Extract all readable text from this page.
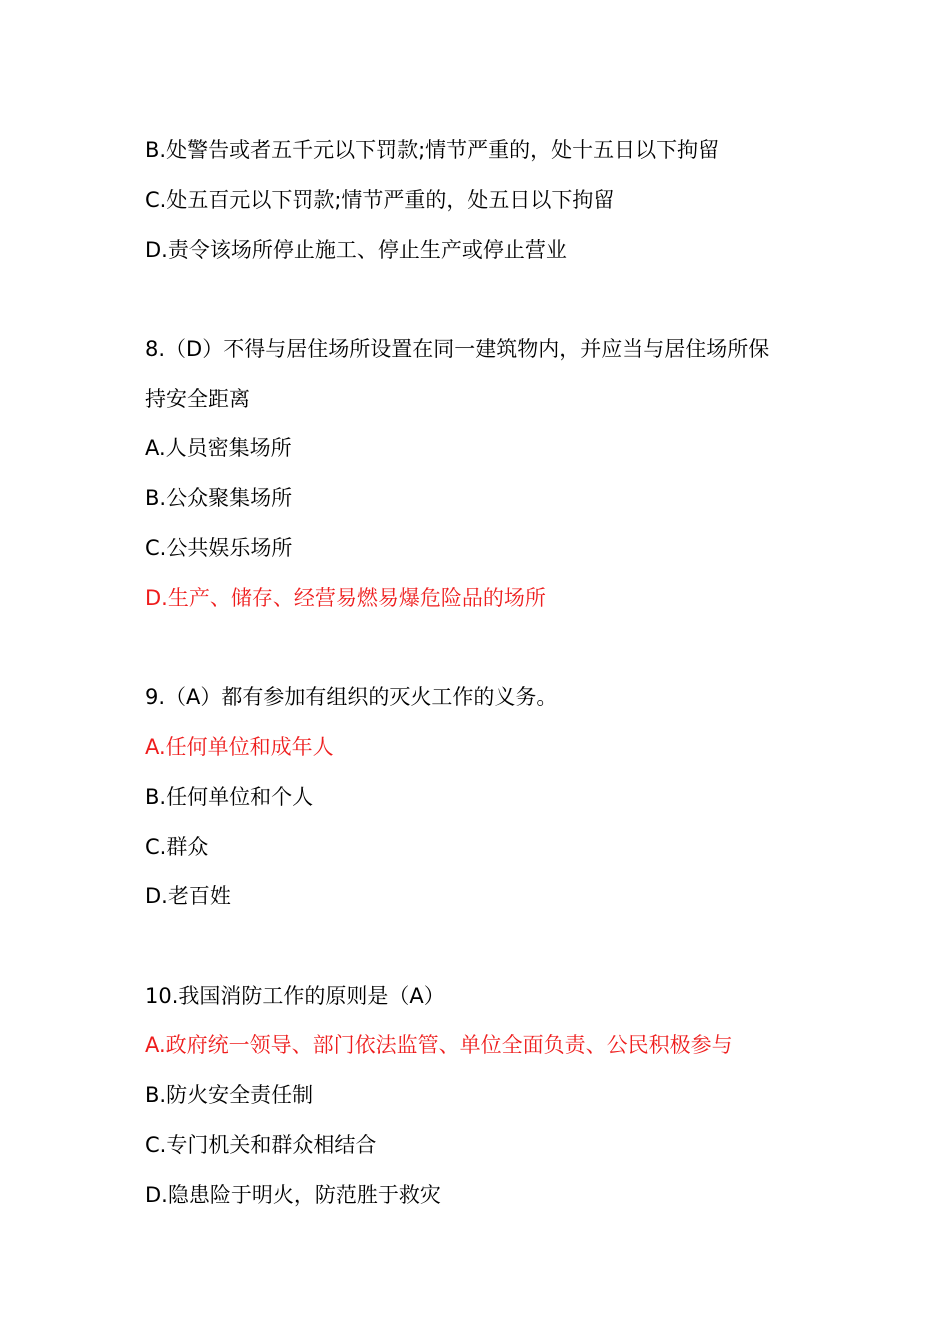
B.处警告或者五千元以下罚款;情节严重的，处十五日以下拘留
C.处五百元以下罚款;情节严重的，处五日以下拘留
D.责令该场所停止施工、停止生产或停止营业
8.（D）不得与居住场所设置在同一建筑物内，并应当与居住场所保
持安全距离
A.人员密集场所
B.公众聚集场所
C.公共娱乐场所
D.生产、储存、经营易燃易爆危险品的场所
9.（A）都有参加有组织的灭火工作的义务。
A.任何单位和成年人
B.任何单位和个人
C.群众
D.老百姓
10.我国消防工作的原则是（A）
A.政府统一领导、部门依法监管、单位全面负责、公民积极参与
B.防火安全责任制
C.专门机关和群众相结合
D.隐患险于明火，防范胜于救灾
